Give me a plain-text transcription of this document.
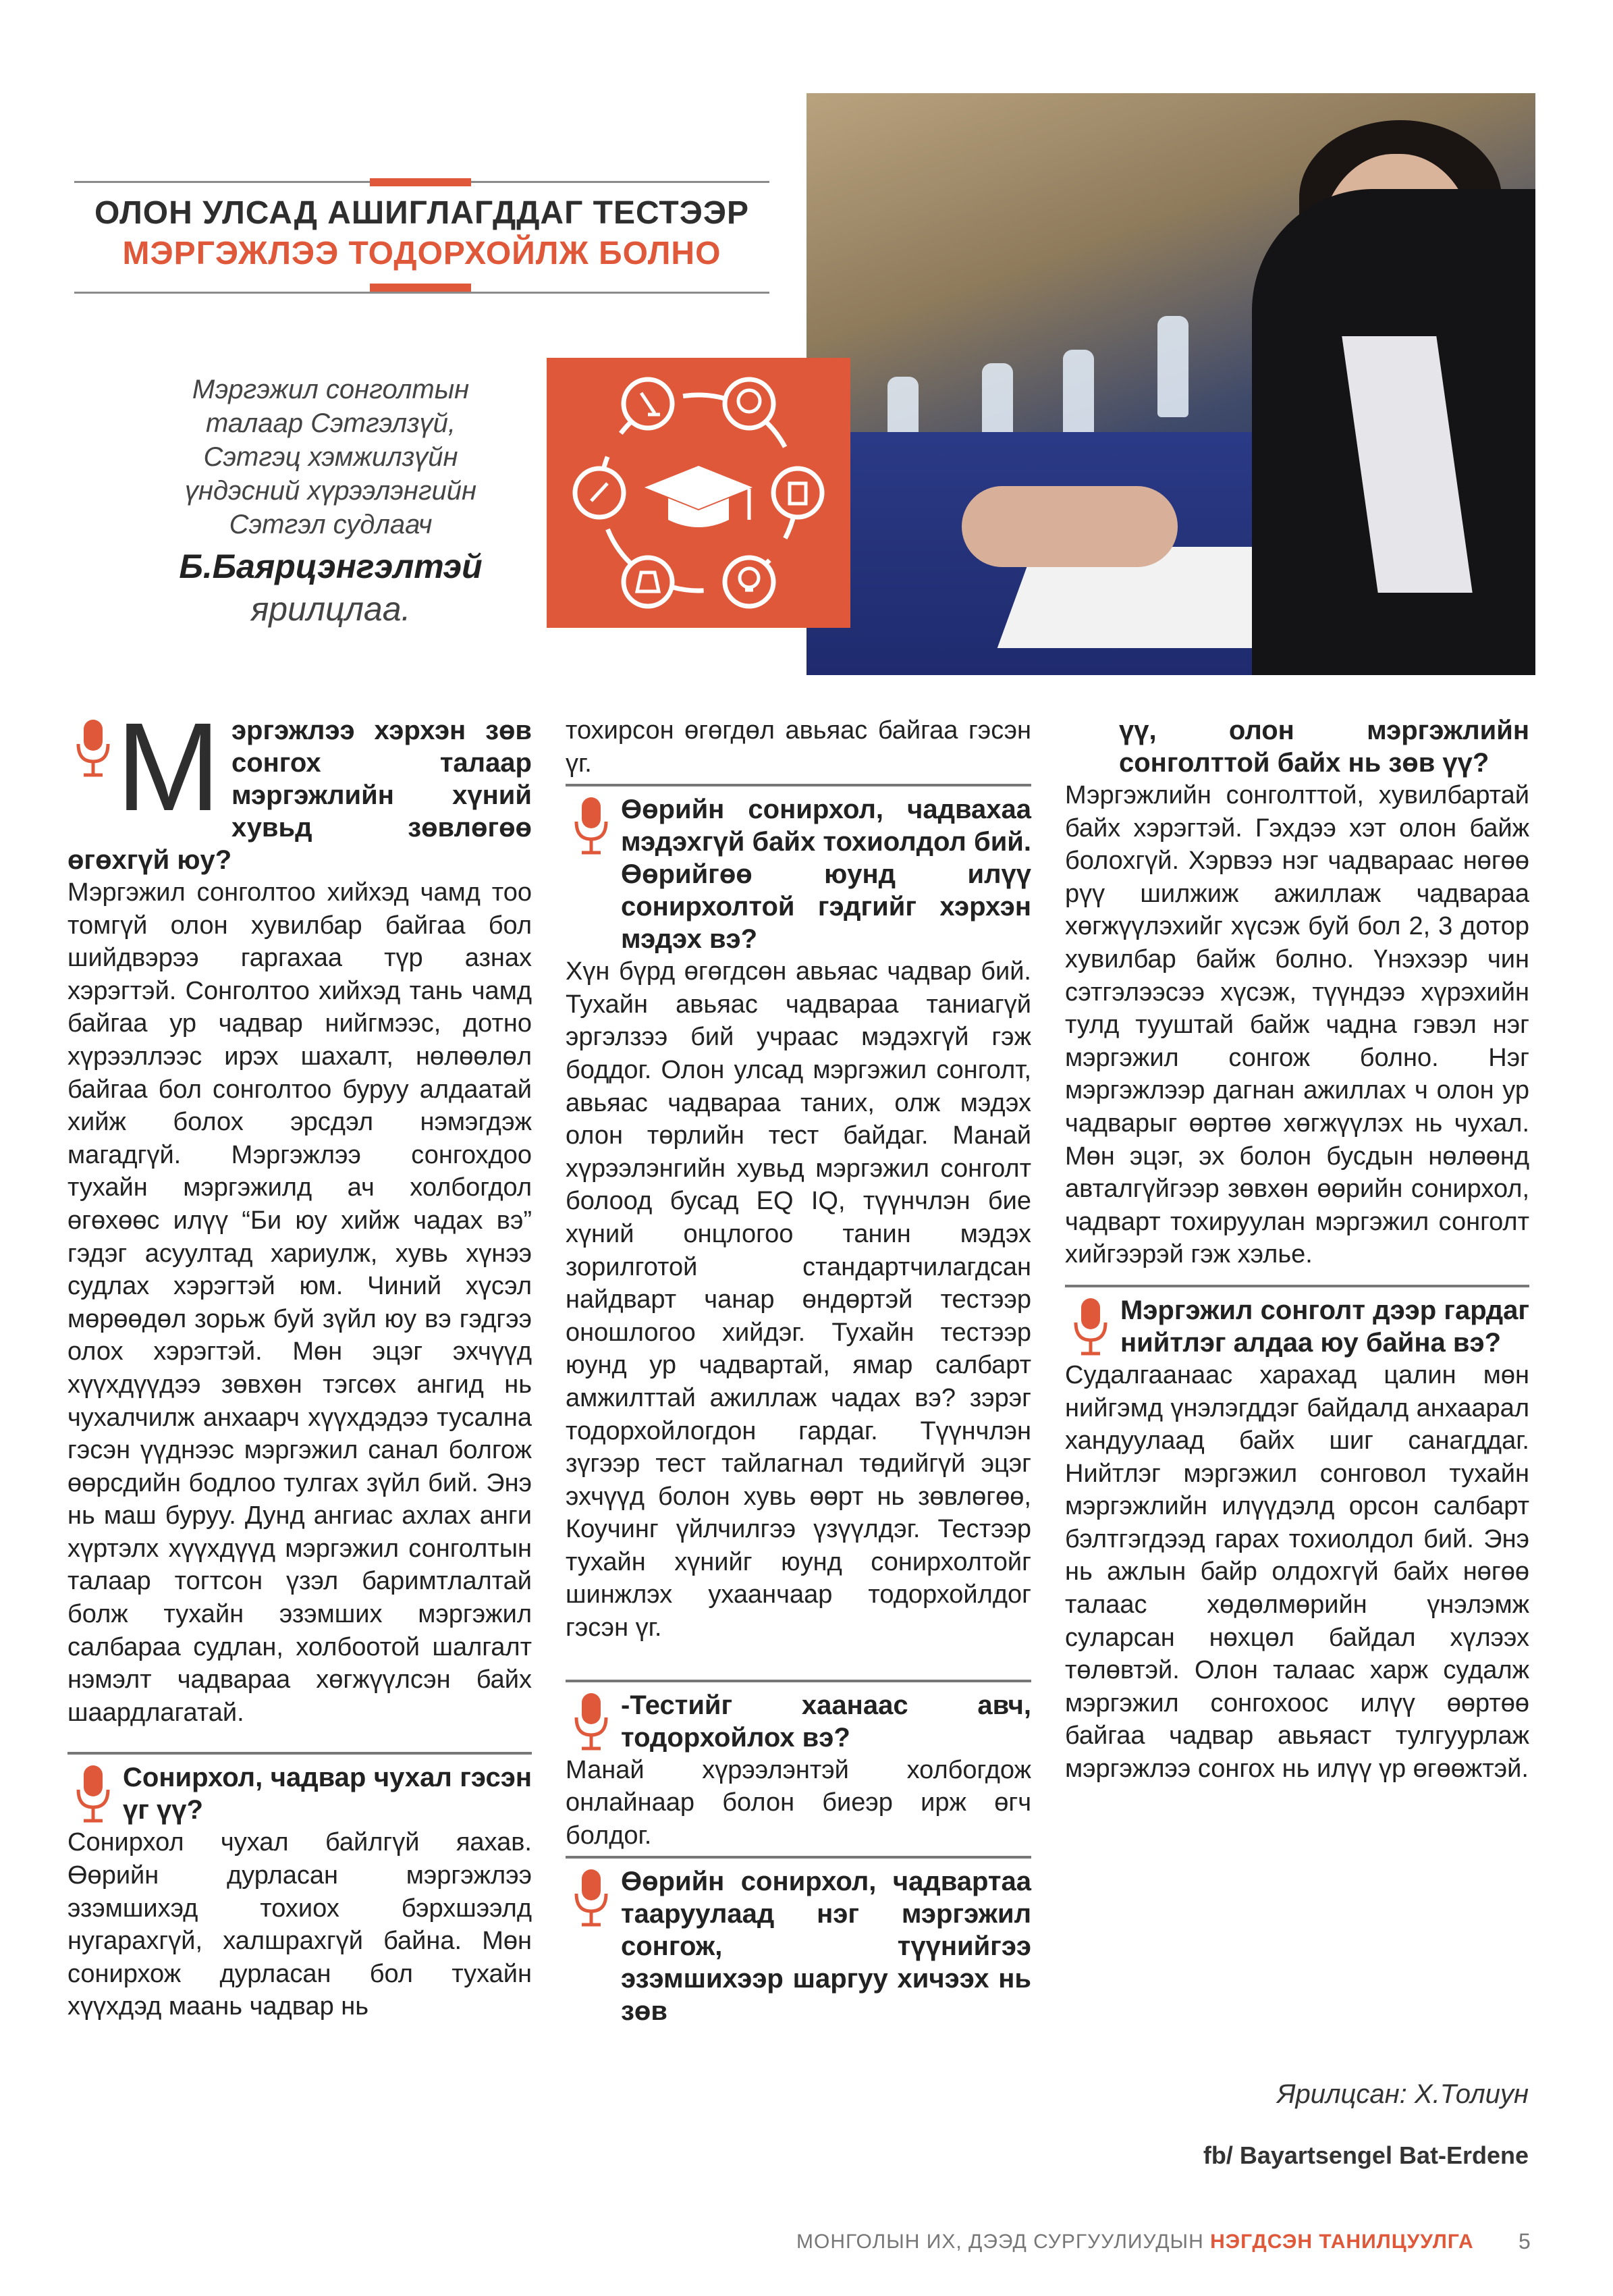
ОЛОН УЛСАД АШИГЛАГДДАГ ТЕСТЭЭР
МЭРГЭЖЛЭЭ ТОДОРХОЙЛЖ БОЛНО
Мэргэжил сонголтын
талаар Сэтгэлзүй,
Сэтгэц хэмжилзүйн
үндэсний хүрээлэнгийн
Сэтгэл судлаач
Б.Баярцэнгэлтэй
ярилцлаа.
М эргэжлээ хэрхэн зөв сонгох талаар мэргэжлийн хүний хувьд зөвлөгөө өгөхгүй юу?

Мэргэжил сонголтоо хийхэд чамд тоо томгүй олон хувилбар байгаа бол шийдвэрээ гаргахаа түр азнах хэрэгтэй. Сонголтоо хийхэд тань чамд байгаа ур чадвар нийгмээс, дотно хүрээллээс ирэх шахалт, нөлөөлөл байгаа бол сонголтоо буруу алдаатай хийж болох эрсдэл нэмэгдэж магадгүй. Мэргэжлээ сонгохдоо тухайн мэргэжилд ач холбогдол өгөхөөс илүү “Би юу хийж чадах вэ” гэдэг асуултад хариулж, хувь хүнээ судлах хэрэгтэй юм. Чиний хүсэл мөрөөдөл зорьж буй зүйл юу вэ гэдгээ олох хэрэгтэй. Мөн эцэг эхчүүд хүүхдүүдээ зөвхөн тэгсөх ангид нь чухалчилж анхаарч хүүхдэдээ тусална гэсэн үүднээс мэргэжил санал болгож өөрсдийн бодлоо тулгах зүйл бий. Энэ нь маш буруу. Дунд ангиас ахлах анги хүртэлх хүүхдүүд мэргэжил сонголтын талаар тогтсон үзэл баримтлалтай болж тухайн эзэмших мэргэжил салбараа судлан, холбоотой шалгалт нэмэлт чадвараа хөгжүүлсэн байх шаардлагатай.

Сонирхол, чадвар чухал гэсэн үг үү?

Сонирхол чухал байлгүй яахав. Өөрийн дурласан мэргэжлээ эзэмшихэд тохиох бэрхшээлд нугарахгүй, халшрахгүй байна. Мөн сонирхож дурласан бол тухайн хүүхдэд маань чадвар нь

тохирсон өгөгдөл авьяас байгаа гэсэн үг.

Өөрийн сонирхол, чадвахаа мэдэхгүй байх тохиолдол бий. Өөрийгөө юунд илүү сонирхолтой гэдгийг хэрхэн мэдэх вэ?

Хүн бүрд өгөгдсөн авьяас чадвар бий. Тухайн авьяас чадвараа таниагүй эргэлзээ бий учраас мэдэхгүй гэж боддог. Олон улсад мэргэжил сонголт, авьяас чадвараа таних, олж мэдэх олон төрлийн тест байдаг. Манай хүрээлэнгийн хувьд мэргэжил сонголт болоод бусад EQ IQ, түүнчлэн бие хүний онцлогоо танин мэдэх зорилготой стандартчилагдсан найдварт чанар өндөртэй тестээр оношлогоо хийдэг. Тухайн тестээр юунд ур чадвартай, ямар салбарт амжилттай ажиллаж чадах вэ? зэрэг тодорхойлогдон гардаг. Түүнчлэн зүгээр тест тайлагнал төдийгүй эцэг эхчүүд болон хувь өөрт нь зөвлөгөө, Коучинг үйлчилгээ үзүүлдэг. Тестээр тухайн хүнийг юунд сонирхолтойг шинжлэх ухаанчаар тодорхойлдог гэсэн үг.

-Тестийг хаанаас авч, тодорхойлох вэ?

Манай хүрээлэнтэй холбогдож онлайнаар болон биеэр ирж өгч болдог.

Өөрийн сонирхол, чадвартаа тааруулаад нэг мэргэжил сонгож, түүнийгээ эзэмшихээр шаргуу хичээх нь зөв

үү, олон мэргэжлийн сонголттой байх нь зөв үү?

Мэргэжлийн сонголттой, хувилбартай байх хэрэгтэй. Гэхдээ хэт олон байж болохгүй. Хэрвээ нэг чадвараас нөгөө рүү шилжиж ажиллаж чадвараа хөгжүүлэхийг хүсэж буй бол 2, 3 дотор хувилбар байж болно. Үнэхээр чин сэтгэлээсээ хүсэж, түүндээ хүрэхийн тулд тууштай байж чадна гэвэл нэг мэргэжил сонгож болно. Нэг мэргэжлээр дагнан ажиллах ч олон ур чадварыг өөртөө хөгжүүлэх нь чухал. Мөн эцэг, эх болон бусдын нөлөөнд авталгүйгээр зөвхөн өөрийн сонирхол, чадварт тохируулан мэргэжил сонголт хийгээрэй гэж хэлье.

Мэргэжил сонголт дээр гардаг нийтлэг алдаа юу байна вэ?

Судалгаанаас харахад цалин мөн нийгэмд үнэлэгддэг байдалд анхаарал хандуулаад байх шиг санагддаг. Нийтлэг мэргэжил сонговол тухайн мэргэжлийн илүүдэлд орсон салбарт бэлтгэгдээд гарах тохиолдол бий. Энэ нь ажлын байр олдохгүй байх нөгөө талаас хөдөлмөрийн үнэлэмж суларсан нөхцөл байдал хүлээх төлөвтэй. Олон талаас харж судалж мэргэжил сонгохоос илүү өөртөө байгаа чадвар авьяаст тулгуурлаж мэргэжлээ сонгох нь илүү үр өгөөжтэй.

Ярилцсан: Х.Толиун
fb/ Bayartsengel Bat-Erdene
МОНГОЛЫН ИХ, ДЭЭД СУРГУУЛИУДЫН НЭГДСЭН ТАНИЛЦУУЛГА 5
